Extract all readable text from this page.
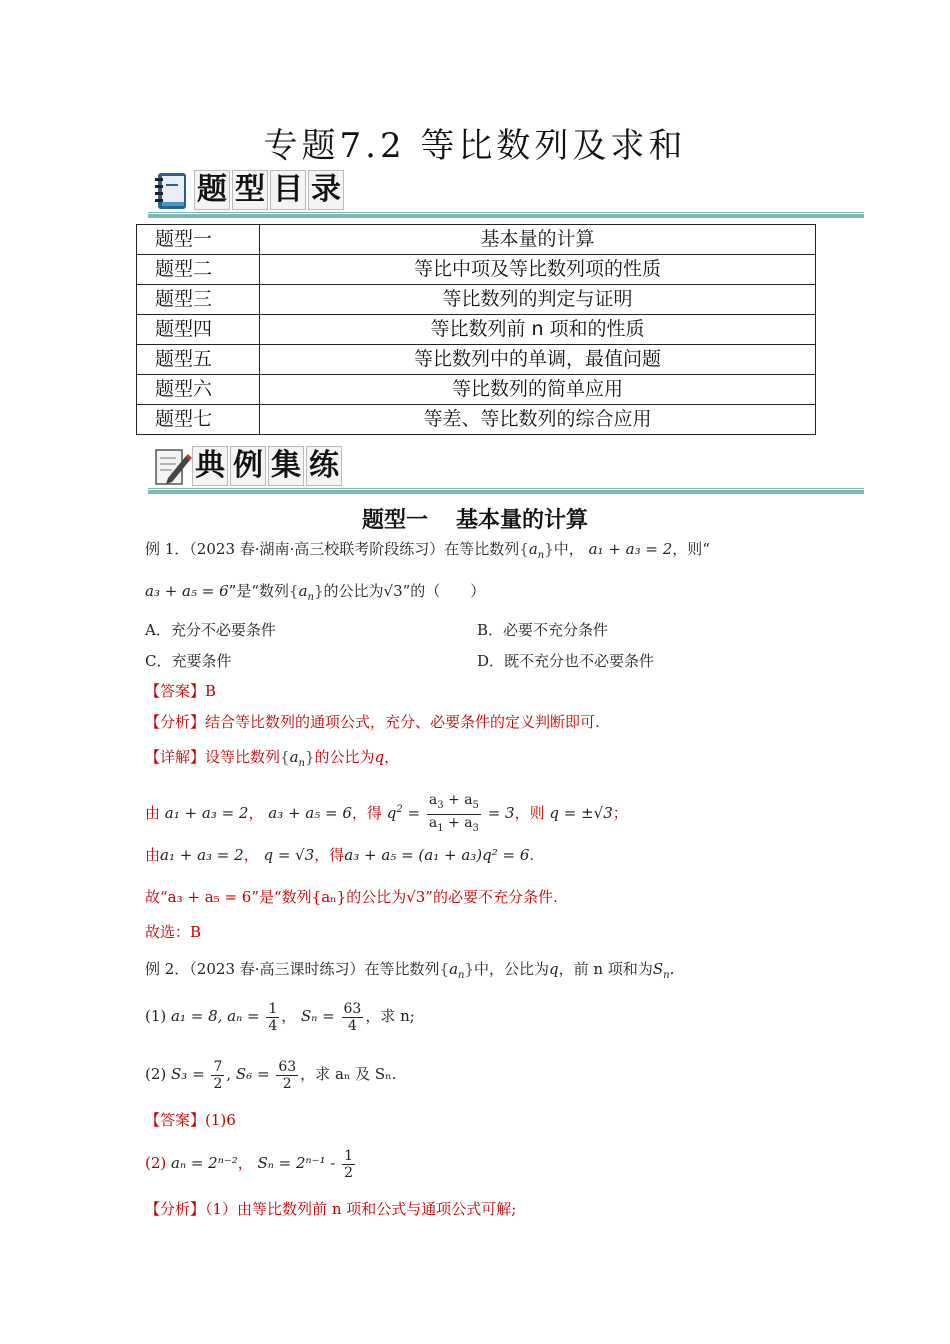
专题7.2 等比数列及求和
题 型 目 录
题型一	基本量的计算
题型二	等比中项及等比数列项的性质
题型三	等比数列的判定与证明
题型四	等比数列前 n 项和的性质
题型五	等比数列中的单调，最值问题
题型六	等比数列的简单应用
题型七	等差、等比数列的综合应用
典 例 集 练
题型一 基本量的计算
例 1．（2023 春·湖南·高三校联考阶段练习）在等比数列$\{a_n\}$中， a₁ + a₃ = 2，则“
a₃ + a₅ = 6”是“数列$\{a_n\}$的公比为√3”的（　　）
A．充分不必要条件	B．必要不充分条件
C．充要条件	D．既不充分也不必要条件
【答案】B
【分析】结合等比数列的通项公式，充分、必要条件的定义判断即可.
【详解】设等比数列$\{a_n\}$的公比为q，
由 a₁ + a₃ = 2， a₃ + a₅ = 6，得 $q^2 = \frac{a_3 + a_5}{a_1 + a_3} = 3$，则 q = ±√3；
由a₁ + a₃ = 2， q = √3，得a₃ + a₅ = (a₁ + a₃)q² = 6.
故“a₃ + a₅ = 6”是“数列{aₙ}的公比为√3”的必要不充分条件.
故选：B
例 2．（2023 春·高三课时练习）在等比数列$\{a_n\}$中，公比为q，前 n 项和为$S_n$.
(1) a₁ = 8, $a_n = \frac{1}{4}$ ， $S_n = \frac{63}{4}$ ，求 n;
(2) $S_3 = \frac{7}{2}$ , $S_6 = \frac{63}{2}$ ，求 aₙ 及 Sₙ.
【答案】(1)6
(2) aₙ = 2ⁿ⁻²， $S_n = 2^{n-1} - \frac{1}{2}$
【分析】（1）由等比数列前 n 项和公式与通项公式可解;
